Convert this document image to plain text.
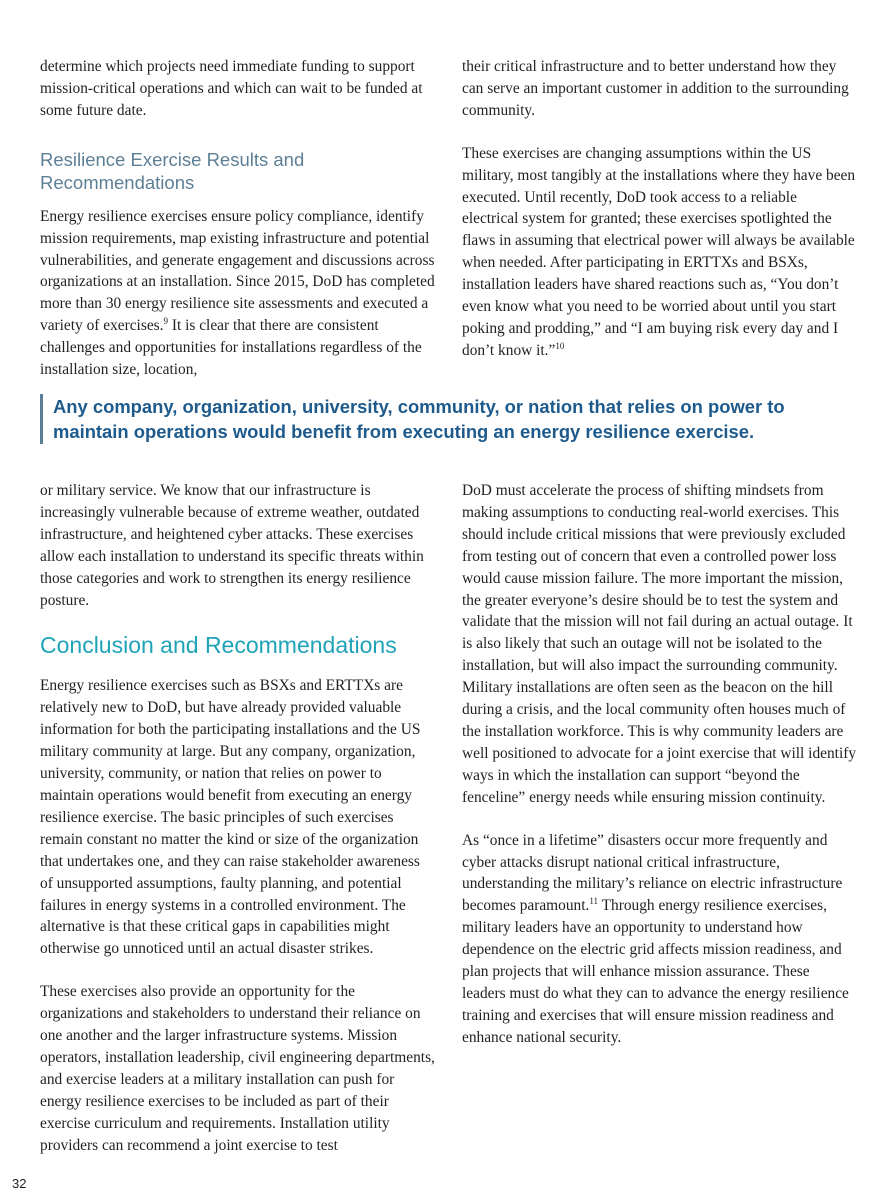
determine which projects need immediate funding to support mission-critical operations and which can wait to be funded at some future date.

Resilience Exercise Results and Recommendations

Energy resilience exercises ensure policy compliance, identify mission requirements, map existing infrastructure and potential vulnerabilities, and generate engagement and discussions across organizations at an installation. Since 2015, DoD has completed more than 30 energy resilience site assessments and executed a variety of exercises.$^9$ It is clear that there are consistent challenges and opportunities for installations regardless of the installation size, location,

their critical infrastructure and to better understand how they can serve an important customer in addition to the surrounding community.

These exercises are changing assumptions within the US military, most tangibly at the installations where they have been executed. Until recently, DoD took access to a reliable electrical system for granted; these exercises spotlighted the flaws in assuming that electrical power will always be available when needed. After participating in ERTTXs and BSXs, installation leaders have shared reactions such as, “You don’t even know what you need to be worried about until you start poking and prodding,” and “I am buying risk every day and I don’t know it.”$^{10}$

Any company, organization, university, community, or nation that relies on power to maintain operations would benefit from executing an energy resilience exercise.

or military service. We know that our infrastructure is increasingly vulnerable because of extreme weather, outdated infrastructure, and heightened cyber attacks. These exercises allow each installation to understand its specific threats within those categories and work to strengthen its energy resilience posture.

Conclusion and Recommendations

Energy resilience exercises such as BSXs and ERTTXs are relatively new to DoD, but have already provided valuable information for both the participating installations and the US military community at large. But any company, organization, university, community, or nation that relies on power to maintain operations would benefit from executing an energy resilience exercise. The basic principles of such exercises remain constant no matter the kind or size of the organization that undertakes one, and they can raise stakeholder awareness of unsupported assumptions, faulty planning, and potential failures in energy systems in a controlled environment. The alternative is that these critical gaps in capabilities might otherwise go unnoticed until an actual disaster strikes.

These exercises also provide an opportunity for the organizations and stakeholders to understand their reliance on one another and the larger infrastructure systems. Mission operators, installation leadership, civil engineering departments, and exercise leaders at a military installation can push for energy resilience exercises to be included as part of their exercise curriculum and requirements. Installation utility providers can recommend a joint exercise to test

DoD must accelerate the process of shifting mindsets from making assumptions to conducting real-world exercises. This should include critical missions that were previously excluded from testing out of concern that even a controlled power loss would cause mission failure. The more important the mission, the greater everyone’s desire should be to test the system and validate that the mission will not fail during an actual outage. It is also likely that such an outage will not be isolated to the installation, but will also impact the surrounding community. Military installations are often seen as the beacon on the hill during a crisis, and the local community often houses much of the installation workforce. This is why community leaders are well positioned to advocate for a joint exercise that will identify ways in which the installation can support “beyond the fenceline” energy needs while ensuring mission continuity.

As “once in a lifetime” disasters occur more frequently and cyber attacks disrupt national critical infrastructure, understanding the military’s reliance on electric infrastructure becomes paramount.$^{11}$ Through energy resilience exercises, military leaders have an opportunity to understand how dependence on the electric grid affects mission readiness, and plan projects that will enhance mission assurance. These leaders must do what they can to advance the energy resilience training and exercises that will ensure mission readiness and enhance national security.

32
